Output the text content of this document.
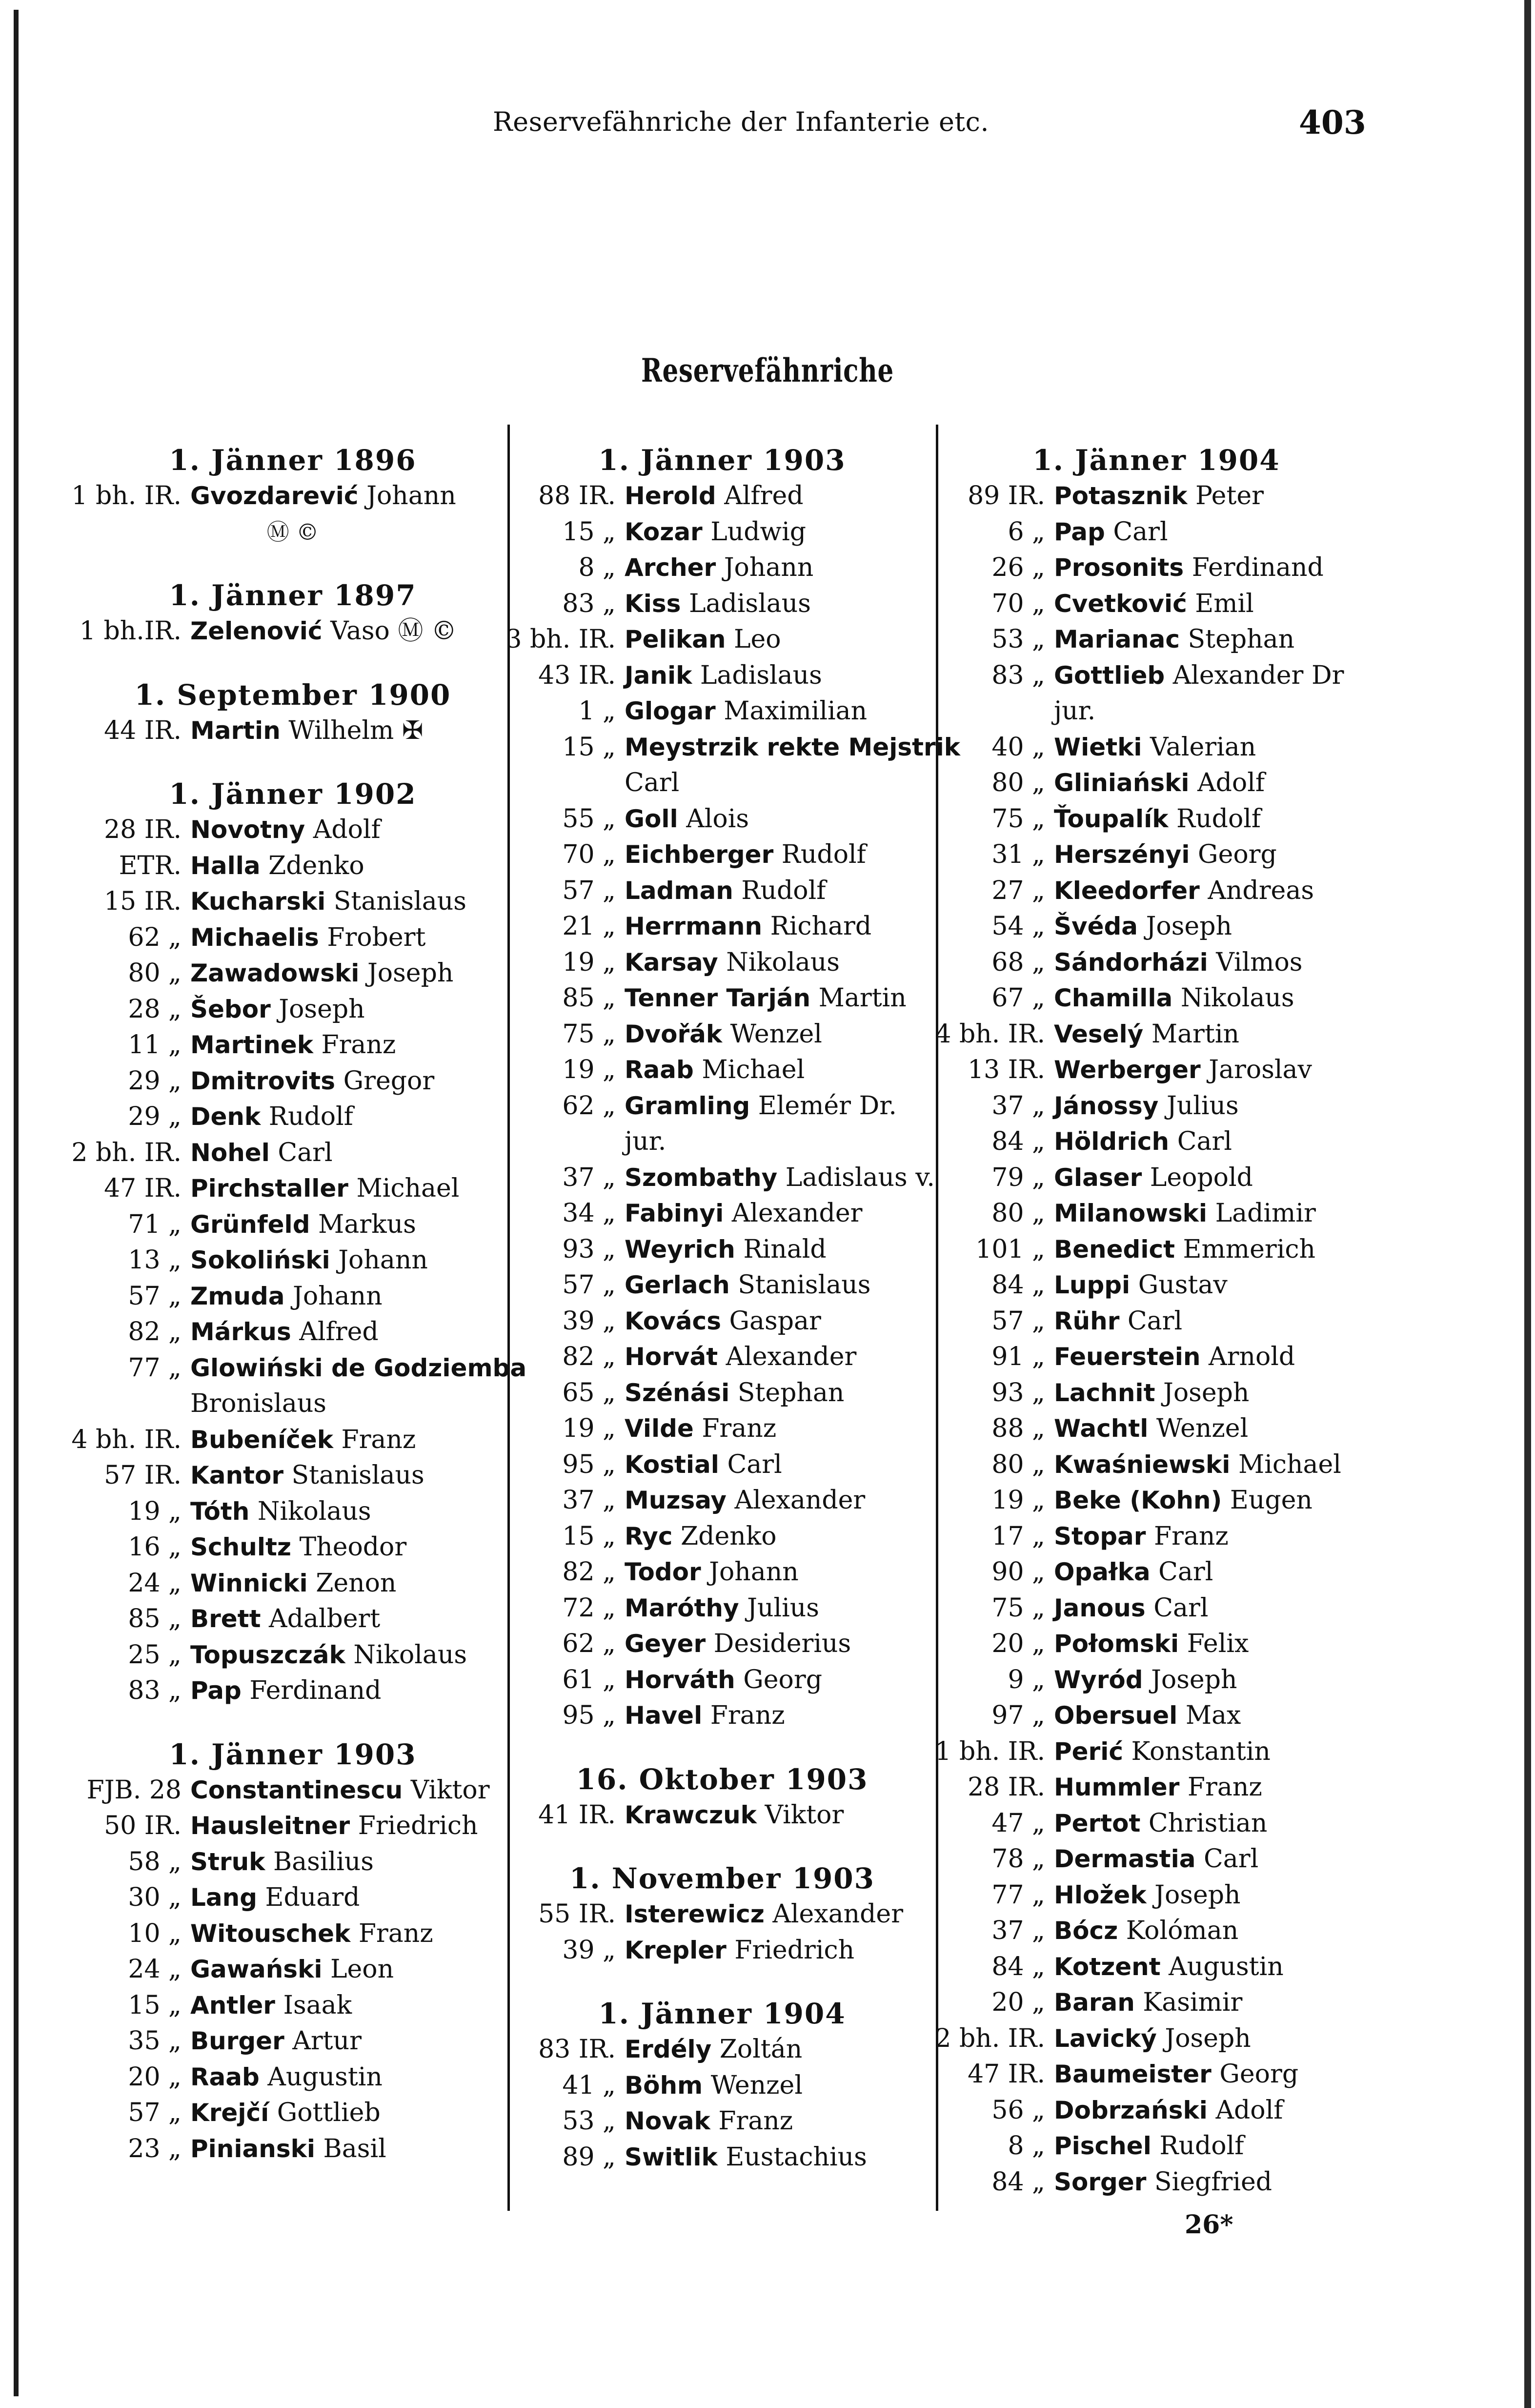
Reservefähnriche der Infanterie etc.	403
Reservefähnriche
1. Jänner 1896
1 bh. IR. Gvozdarević Johann
Ⓜ ©
1. Jänner 1897
1 bh.IR. Zelenović Vaso Ⓜ ©
1. September 1900
44 IR. Martin Wilhelm ✠
1. Jänner 1902
28 IR. Novotny Adolf
ETR. Halla Zdenko
15 IR. Kucharski Stanislaus
62 „ Michaelis Frobert
80 „ Zawadowski Joseph
28 „ Šebor Joseph
11 „ Martinek Franz
29 „ Dmitrovits Gregor
29 „ Denk Rudolf
2 bh. IR. Nohel Carl
47 IR. Pirchstaller Michael
71 „ Grünfeld Markus
13 „ Sokoliński Johann
57 „ Zmuda Johann
82 „ Márkus Alfred
77 „ Glowiński de Godziemba
Bronislaus
4 bh. IR. Bubeníček Franz
57 IR. Kantor Stanislaus
19 „ Tóth Nikolaus
16 „ Schultz Theodor
24 „ Winnicki Zenon
85 „ Brett Adalbert
25 „ Topuszczák Nikolaus
83 „ Pap Ferdinand
1. Jänner 1903
FJB. 28 Constantinescu Viktor
50 IR. Hausleitner Friedrich
58 „ Struk Basilius
30 „ Lang Eduard
10 „ Witouschek Franz
24 „ Gawański Leon
15 „ Antler Isaak
35 „ Burger Artur
20 „ Raab Augustin
57 „ Krejčí Gottlieb
23 „ Pinianski Basil
1. Jänner 1903
88 IR. Herold Alfred
15 „ Kozar Ludwig
8 „ Archer Johann
83 „ Kiss Ladislaus
3 bh. IR. Pelikan Leo
43 IR. Janik Ladislaus
1 „ Glogar Maximilian
15 „ Meystrzik rekte Mejstrik
Carl
55 „ Goll Alois
70 „ Eichberger Rudolf
57 „ Ladman Rudolf
21 „ Herrmann Richard
19 „ Karsay Nikolaus
85 „ Tenner Tarján Martin
75 „ Dvořák Wenzel
19 „ Raab Michael
62 „ Gramling Elemér Dr.
jur.
37 „ Szombathy Ladislaus v.
34 „ Fabinyi Alexander
93 „ Weyrich Rinald
57 „ Gerlach Stanislaus
39 „ Kovács Gaspar
82 „ Horvát Alexander
65 „ Szénási Stephan
19 „ Vilde Franz
95 „ Kostial Carl
37 „ Muzsay Alexander
15 „ Ryc Zdenko
82 „ Todor Johann
72 „ Maróthy Julius
62 „ Geyer Desiderius
61 „ Horváth Georg
95 „ Havel Franz
16. Oktober 1903
41 IR. Krawczuk Viktor
1. November 1903
55 IR. Isterewicz Alexander
39 „ Krepler Friedrich
1. Jänner 1904
83 IR. Erdély Zoltán
41 „ Böhm Wenzel
53 „ Novak Franz
89 „ Switlik Eustachius
1. Jänner 1904
89 IR. Potasznik Peter
6 „ Pap Carl
26 „ Prosonits Ferdinand
70 „ Cvetković Emil
53 „ Marianac Stephan
83 „ Gottlieb Alexander Dr
jur.
40 „ Wietki Valerian
80 „ Gliniański Adolf
75 „ Ťoupalík Rudolf
31 „ Herszényi Georg
27 „ Kleedorfer Andreas
54 „ Švéda Joseph
68 „ Sándorházi Vilmos
67 „ Chamilla Nikolaus
4 bh. IR. Veselý Martin
13 IR. Werberger Jaroslav
37 „ Jánossy Julius
84 „ Höldrich Carl
79 „ Glaser Leopold
80 „ Milanowski Ladimir
101 „ Benedict Emmerich
84 „ Luppi Gustav
57 „ Rühr Carl
91 „ Feuerstein Arnold
93 „ Lachnit Joseph
88 „ Wachtl Wenzel
80 „ Kwaśniewski Michael
19 „ Beke (Kohn) Eugen
17 „ Stopar Franz
90 „ Opałka Carl
75 „ Janous Carl
20 „ Połomski Felix
9 „ Wyród Joseph
97 „ Obersuel Max
1 bh. IR. Perić Konstantin
28 IR. Hummler Franz
47 „ Pertot Christian
78 „ Dermastia Carl
77 „ Hložek Joseph
37 „ Bócz Kolóman
84 „ Kotzent Augustin
20 „ Baran Kasimir
2 bh. IR. Lavický Joseph
47 IR. Baumeister Georg
56 „ Dobrzański Adolf
8 „ Pischel Rudolf
84 „ Sorger Siegfried
26*
